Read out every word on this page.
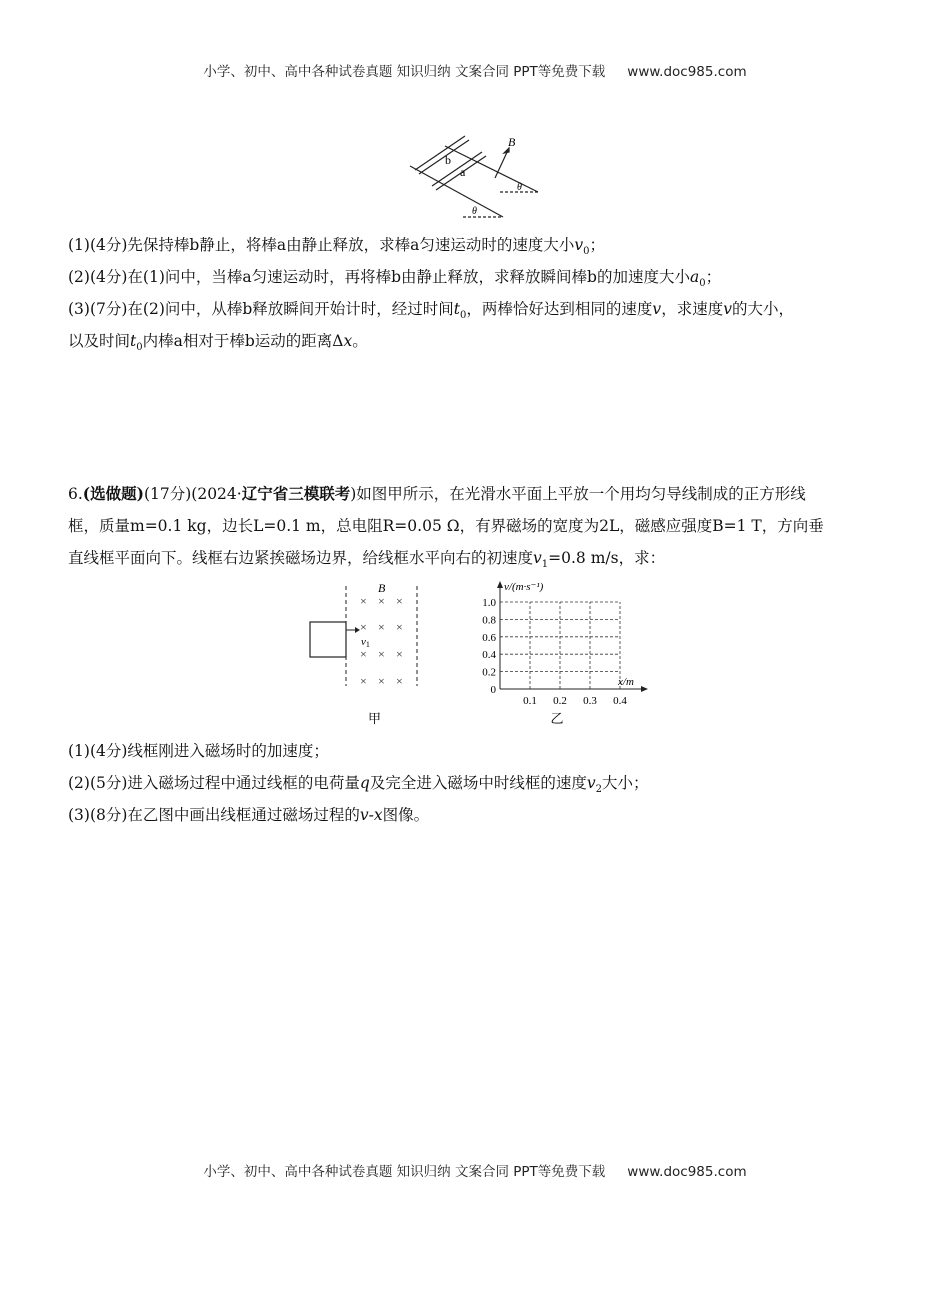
小学、初中、高中各种试卷真题 知识归纳 文案合同 PPT等免费下载 www.doc985.com
b
a
B
θ
θ
(1)(4分)先保持棒b静止，将棒a由静止释放，求棒a匀速运动时的速度大小$v_0$；
(2)(4分)在(1)问中，当棒a匀速运动时，再将棒b由静止释放，求释放瞬间棒b的加速度大小$a_0$；
(3)(7分)在(2)问中，从棒b释放瞬间开始计时，经过时间$t_0$，两棒恰好达到相同的速度v，求速度v的大小，
以及时间$t_0$内棒a相对于棒b运动的距离Δx。
6.(选做题)(17分)(2024·辽宁省三模联考)如图甲所示，在光滑水平面上平放一个用均匀导线制成的正方形线
框，质量m=0.1 kg，边长L=0.1 m，总电阻R=0.05 Ω，有界磁场的宽度为2L，磁感应强度B=1 T，方向垂
直线框平面向下。线框右边紧挨磁场边界，给线框水平向右的初速度$v_1=0.8$ m/s，求：
v1
B
× × ×
× × ×
× × ×
× × ×
甲
0
0.2
0.4
0.6
0.8
1.0
0.1 0.2 0.3 0.4
v/(m·s⁻¹)
x/m
乙
(1)(4分)线框刚进入磁场时的加速度；
(2)(5分)进入磁场过程中通过线框的电荷量q及完全进入磁场中时线框的速度$v_2$大小；
(3)(8分)在乙图中画出线框通过磁场过程的v-x图像。
小学、初中、高中各种试卷真题 知识归纳 文案合同 PPT等免费下载 www.doc985.com
